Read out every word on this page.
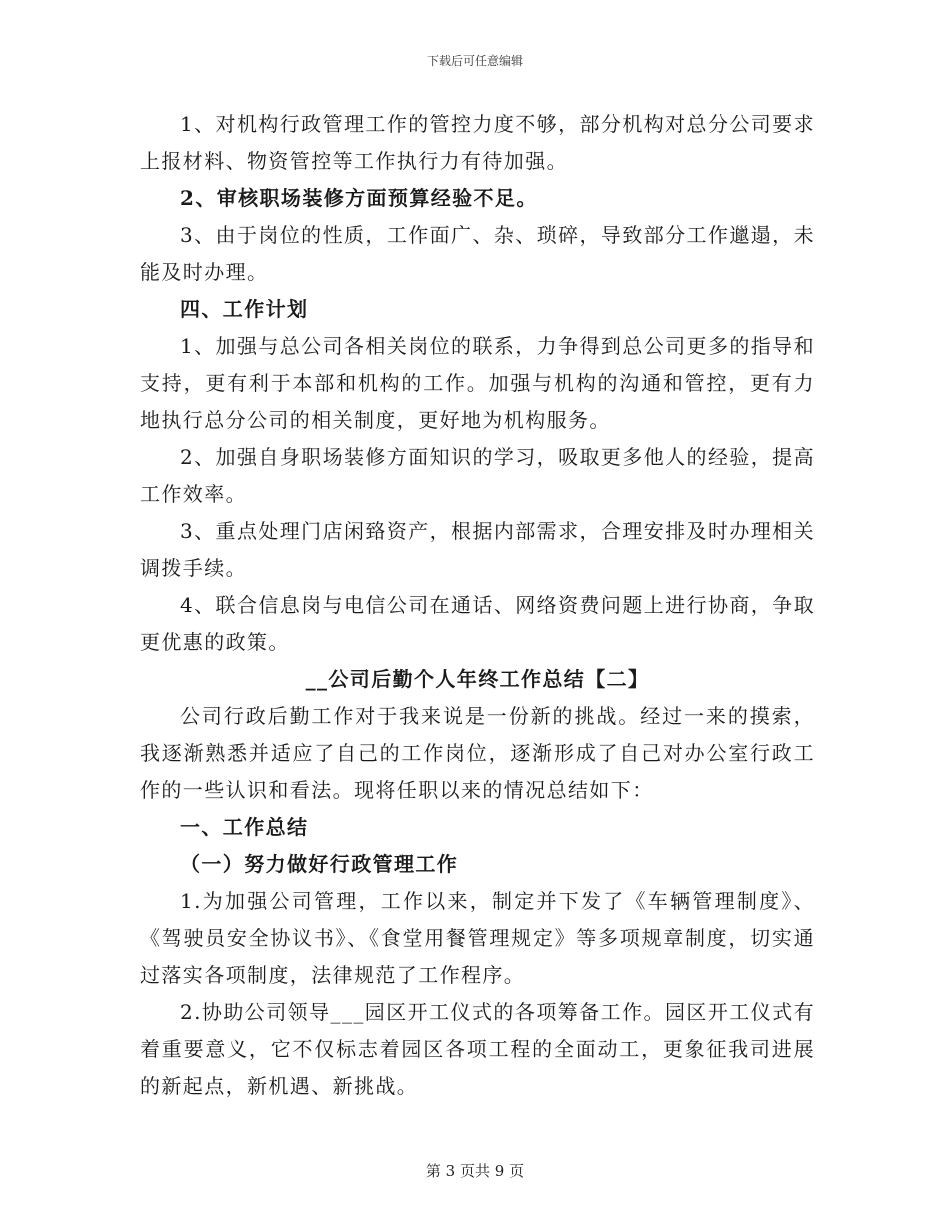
下载后可任意编辑

1、对机构行政管理工作的管控力度不够，部分机构对总分公司要求上报材料、物资管控等工作执行力有待加强。

2、审核职场装修方面预算经验不足。

3、由于岗位的性质，工作面广、杂、琐碎，导致部分工作邋遢，未能及时办理。

四、工作计划

1、加强与总公司各相关岗位的联系，力争得到总公司更多的指导和支持，更有利于本部和机构的工作。加强与机构的沟通和管控，更有力地执行总分公司的相关制度，更好地为机构服务。

2、加强自身职场装修方面知识的学习，吸取更多他人的经验，提高工作效率。

3、重点处理门店闲臵资产，根据内部需求，合理安排及时办理相关调拨手续。

4、联合信息岗与电信公司在通话、网络资费问题上进行协商，争取更优惠的政策。

__公司后勤个人年终工作总结【二】

公司行政后勤工作对于我来说是一份新的挑战。经过一来的摸索，我逐渐熟悉并适应了自己的工作岗位，逐渐形成了自己对办公室行政工作的一些认识和看法。现将任职以来的情况总结如下：

一、工作总结

（一）努力做好行政管理工作

1.为加强公司管理，工作以来，制定并下发了《车辆管理制度》、《驾驶员安全协议书》、《食堂用餐管理规定》等多项规章制度，切实通过落实各项制度，法律规范了工作程序。

2.协助公司领导___园区开工仪式的各项筹备工作。园区开工仪式有着重要意义，它不仅标志着园区各项工程的全面动工，更象征我司进展的新起点，新机遇、新挑战。

第 3 页共 9 页
